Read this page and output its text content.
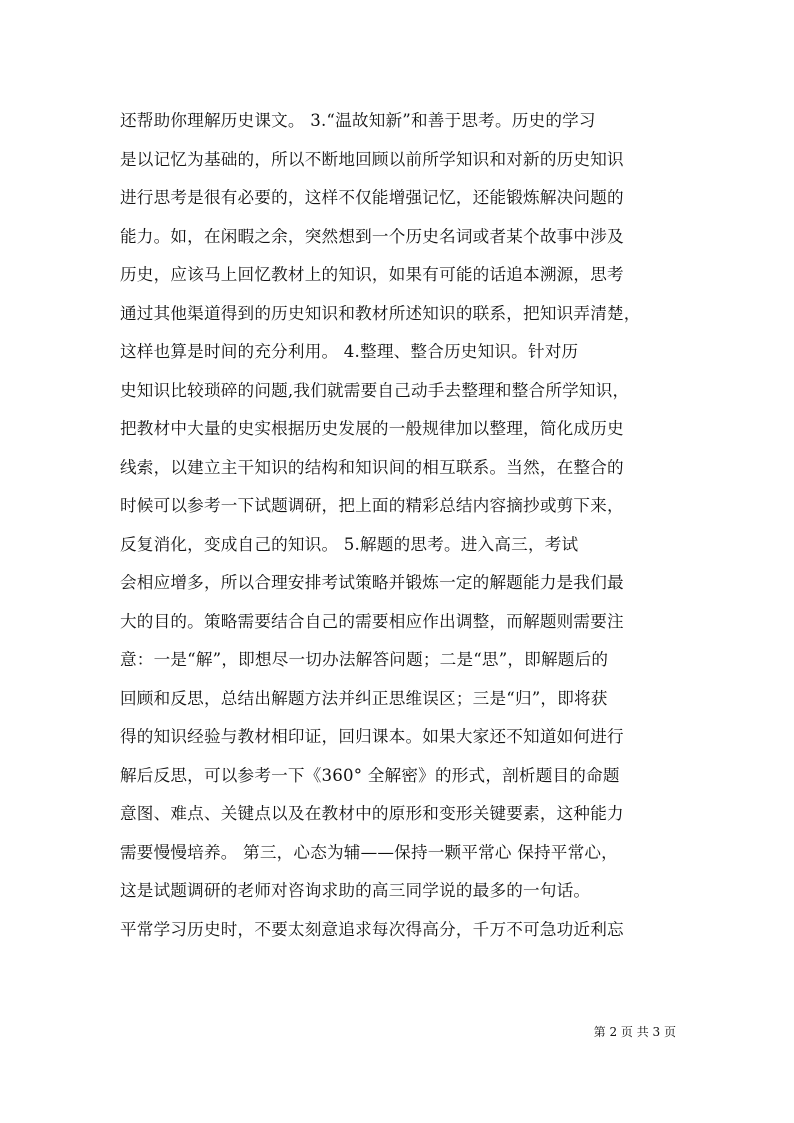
还帮助你理解历史课文。 3.“温故知新”和善于思考。历史的学习
是以记忆为基础的，所以不断地回顾以前所学知识和对新的历史知识
进行思考是很有必要的，这样不仅能增强记忆，还能锻炼解决问题的
能力。如，在闲暇之余，突然想到一个历史名词或者某个故事中涉及
历史，应该马上回忆教材上的知识，如果有可能的话追本溯源，思考
通过其他渠道得到的历史知识和教材所述知识的联系，把知识弄清楚，
这样也算是时间的充分利用。 4.整理、整合历史知识。针对历
史知识比较琐碎的问题,我们就需要自己动手去整理和整合所学知识，
把教材中大量的史实根据历史发展的一般规律加以整理，简化成历史
线索，以建立主干知识的结构和知识间的相互联系。当然，在整合的
时候可以参考一下试题调研，把上面的精彩总结内容摘抄或剪下来，
反复消化，变成自己的知识。 5.解题的思考。进入高三，考试
会相应增多，所以合理安排考试策略并锻炼一定的解题能力是我们最
大的目的。策略需要结合自己的需要相应作出调整，而解题则需要注
意：一是“解”，即想尽一切办法解答问题；二是“思”，即解题后的
回顾和反思，总结出解题方法并纠正思维误区；三是“归”，即将获
得的知识经验与教材相印证，回归课本。如果大家还不知道如何进行
解后反思，可以参考一下《360° 全解密》的形式，剖析题目的命题
意图、难点、关键点以及在教材中的原形和变形关键要素，这种能力
需要慢慢培养。 第三，心态为辅——保持一颗平常心 保持平常心，
这是试题调研的老师对咨询求助的高三同学说的最多的一句话。
平常学习历史时，不要太刻意追求每次得高分，千万不可急功近利忘
第 2 页 共 3 页
